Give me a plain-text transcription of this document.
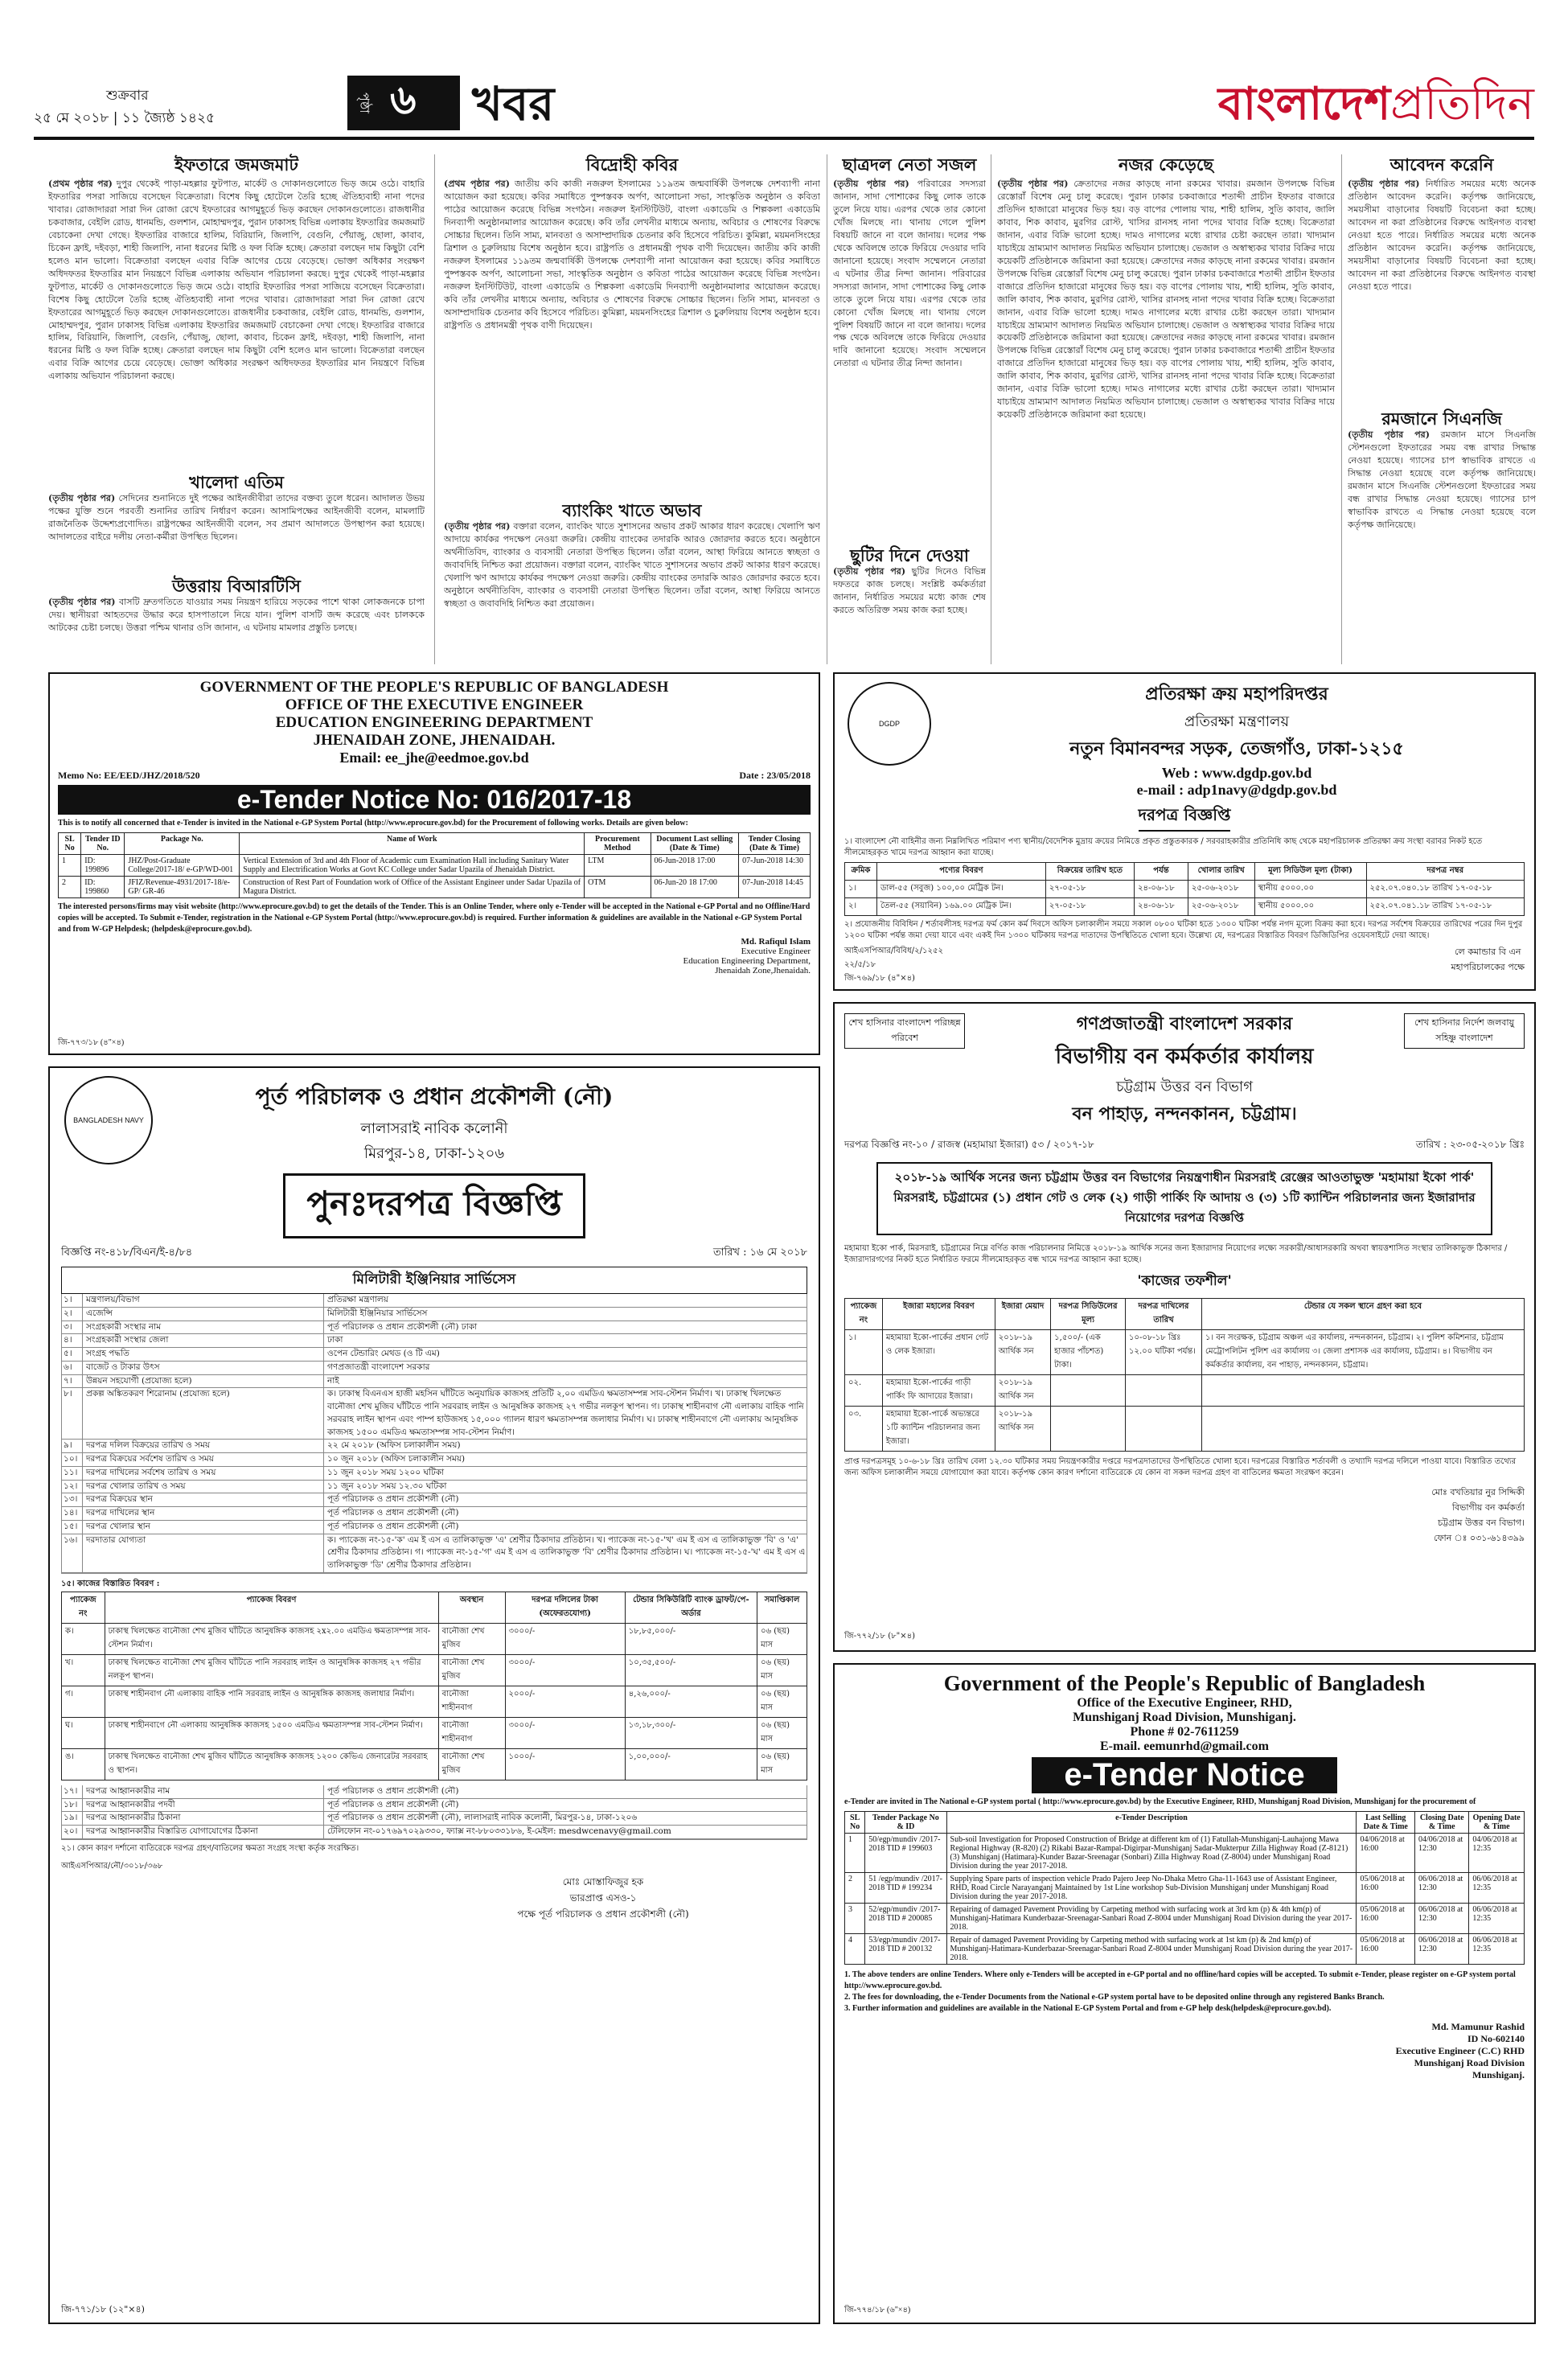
শুক্রবার
২৫ মে ২০১৮ | ১১ জ্যৈষ্ঠ ১৪২৫
পৃষ্ঠা ৬ খবর	বাংলাদেশপ্রতিদিন
ইফতারে জমজমাট
(প্রথম পৃষ্ঠার পর) দুপুর থেকেই পাড়া-মহল্লার ফুটপাত, মার্কেট ও দোকানগুলোতে ভিড় জমে ওঠে। বাহারি ইফতারির পসরা সাজিয়ে বসেছেন বিক্রেতারা। বিশেষ কিছু হোটেলে তৈরি হচ্ছে ঐতিহ্যবাহী নানা পদের খাবার। রোজাদাররা সারা দিন রোজা রেখে ইফতারের আগমুহূর্তে ভিড় করছেন দোকানগুলোতে। রাজধানীর চকবাজার, বেইলি রোড, ধানমন্ডি, গুলশান, মোহাম্মদপুর, পুরান ঢাকাসহ বিভিন্ন এলাকায় ইফতারির জমজমাট বেচাকেনা দেখা গেছে। ইফতারির বাজারে হালিম, বিরিয়ানি, জিলাপি, বেগুনি, পেঁয়াজু, ছোলা, কাবাব, চিকেন ফ্রাই, দইবড়া, শাহী জিলাপি, নানা ধরনের মিষ্টি ও ফল বিক্রি হচ্ছে। ক্রেতারা বলছেন দাম কিছুটা বেশি হলেও মান ভালো। বিক্রেতারা বলছেন এবার বিক্রি আগের চেয়ে বেড়েছে। ভোক্তা অধিকার সংরক্ষণ অধিদফতর ইফতারির মান নিয়ন্ত্রণে বিভিন্ন এলাকায় অভিযান পরিচালনা করছে। দুপুর থেকেই পাড়া-মহল্লার ফুটপাত, মার্কেট ও দোকানগুলোতে ভিড় জমে ওঠে। বাহারি ইফতারির পসরা সাজিয়ে বসেছেন বিক্রেতারা। বিশেষ কিছু হোটেলে তৈরি হচ্ছে ঐতিহ্যবাহী নানা পদের খাবার। রোজাদাররা সারা দিন রোজা রেখে ইফতারের আগমুহূর্তে ভিড় করছেন দোকানগুলোতে। রাজধানীর চকবাজার, বেইলি রোড, ধানমন্ডি, গুলশান, মোহাম্মদপুর, পুরান ঢাকাসহ বিভিন্ন এলাকায় ইফতারির জমজমাট বেচাকেনা দেখা গেছে। ইফতারির বাজারে হালিম, বিরিয়ানি, জিলাপি, বেগুনি, পেঁয়াজু, ছোলা, কাবাব, চিকেন ফ্রাই, দইবড়া, শাহী জিলাপি, নানা ধরনের মিষ্টি ও ফল বিক্রি হচ্ছে। ক্রেতারা বলছেন দাম কিছুটা বেশি হলেও মান ভালো। বিক্রেতারা বলছেন এবার বিক্রি আগের চেয়ে বেড়েছে। ভোক্তা অধিকার সংরক্ষণ অধিদফতর ইফতারির মান নিয়ন্ত্রণে বিভিন্ন এলাকায় অভিযান পরিচালনা করছে।
খালেদা এতিম
(তৃতীয় পৃষ্ঠার পর) সেদিনের শুনানিতে দুই পক্ষের আইনজীবীরা তাদের বক্তব্য তুলে ধরেন। আদালত উভয় পক্ষের যুক্তি শুনে পরবর্তী শুনানির তারিখ নির্ধারণ করেন। আসামিপক্ষের আইনজীবী বলেন, মামলাটি রাজনৈতিক উদ্দেশ্যপ্রণোদিত। রাষ্ট্রপক্ষের আইনজীবী বলেন, সব প্রমাণ আদালতে উপস্থাপন করা হয়েছে। আদালতের বাইরে দলীয় নেতা-কর্মীরা উপস্থিত ছিলেন।
উত্তরায় বিআরটিসি
(তৃতীয় পৃষ্ঠার পর) বাসটি দ্রুতগতিতে যাওয়ার সময় নিয়ন্ত্রণ হারিয়ে সড়কের পাশে থাকা লোকজনকে চাপা দেয়। স্থানীয়রা আহতদের উদ্ধার করে হাসপাতালে নিয়ে যান। পুলিশ বাসটি জব্দ করেছে এবং চালককে আটকের চেষ্টা চলছে। উত্তরা পশ্চিম থানার ওসি জানান, এ ঘটনায় মামলার প্রস্তুতি চলছে।
বিদ্রোহী কবির
(প্রথম পৃষ্ঠার পর) জাতীয় কবি কাজী নজরুল ইসলামের ১১৯তম জন্মবার্ষিকী উপলক্ষে দেশব্যাপী নানা আয়োজন করা হয়েছে। কবির সমাধিতে পুষ্পস্তবক অর্পণ, আলোচনা সভা, সাংস্কৃতিক অনুষ্ঠান ও কবিতা পাঠের আয়োজন করেছে বিভিন্ন সংগঠন। নজরুল ইনস্টিটিউট, বাংলা একাডেমি ও শিল্পকলা একাডেমি দিনব্যাপী অনুষ্ঠানমালার আয়োজন করেছে। কবি তাঁর লেখনীর মাধ্যমে অন্যায়, অবিচার ও শোষণের বিরুদ্ধে সোচ্চার ছিলেন। তিনি সাম্য, মানবতা ও অসাম্প্রদায়িক চেতনার কবি হিসেবে পরিচিত। কুমিল্লা, ময়মনসিংহের ত্রিশাল ও চুরুলিয়ায় বিশেষ অনুষ্ঠান হবে। রাষ্ট্রপতি ও প্রধানমন্ত্রী পৃথক বাণী দিয়েছেন। জাতীয় কবি কাজী নজরুল ইসলামের ১১৯তম জন্মবার্ষিকী উপলক্ষে দেশব্যাপী নানা আয়োজন করা হয়েছে। কবির সমাধিতে পুষ্পস্তবক অর্পণ, আলোচনা সভা, সাংস্কৃতিক অনুষ্ঠান ও কবিতা পাঠের আয়োজন করেছে বিভিন্ন সংগঠন। নজরুল ইনস্টিটিউট, বাংলা একাডেমি ও শিল্পকলা একাডেমি দিনব্যাপী অনুষ্ঠানমালার আয়োজন করেছে। কবি তাঁর লেখনীর মাধ্যমে অন্যায়, অবিচার ও শোষণের বিরুদ্ধে সোচ্চার ছিলেন। তিনি সাম্য, মানবতা ও অসাম্প্রদায়িক চেতনার কবি হিসেবে পরিচিত। কুমিল্লা, ময়মনসিংহের ত্রিশাল ও চুরুলিয়ায় বিশেষ অনুষ্ঠান হবে। রাষ্ট্রপতি ও প্রধানমন্ত্রী পৃথক বাণী দিয়েছেন।
ব্যাংকিং খাতে অভাব
(তৃতীয় পৃষ্ঠার পর) বক্তারা বলেন, ব্যাংকিং খাতে সুশাসনের অভাব প্রকট আকার ধারণ করেছে। খেলাপি ঋণ আদায়ে কার্যকর পদক্ষেপ নেওয়া জরুরি। কেন্দ্রীয় ব্যাংকের তদারকি আরও জোরদার করতে হবে। অনুষ্ঠানে অর্থনীতিবিদ, ব্যাংকার ও ব্যবসায়ী নেতারা উপস্থিত ছিলেন। তাঁরা বলেন, আস্থা ফিরিয়ে আনতে স্বচ্ছতা ও জবাবদিহি নিশ্চিত করা প্রয়োজন। বক্তারা বলেন, ব্যাংকিং খাতে সুশাসনের অভাব প্রকট আকার ধারণ করেছে। খেলাপি ঋণ আদায়ে কার্যকর পদক্ষেপ নেওয়া জরুরি। কেন্দ্রীয় ব্যাংকের তদারকি আরও জোরদার করতে হবে। অনুষ্ঠানে অর্থনীতিবিদ, ব্যাংকার ও ব্যবসায়ী নেতারা উপস্থিত ছিলেন। তাঁরা বলেন, আস্থা ফিরিয়ে আনতে স্বচ্ছতা ও জবাবদিহি নিশ্চিত করা প্রয়োজন।
ছাত্রদল নেতা সজল
(তৃতীয় পৃষ্ঠার পর) পরিবারের সদস্যরা জানান, সাদা পোশাকের কিছু লোক তাকে তুলে নিয়ে যায়। এরপর থেকে তার কোনো খোঁজ মিলছে না। থানায় গেলে পুলিশ বিষয়টি জানে না বলে জানায়। দলের পক্ষ থেকে অবিলম্বে তাকে ফিরিয়ে দেওয়ার দাবি জানানো হয়েছে। সংবাদ সম্মেলনে নেতারা এ ঘটনার তীব্র নিন্দা জানান। পরিবারের সদস্যরা জানান, সাদা পোশাকের কিছু লোক তাকে তুলে নিয়ে যায়। এরপর থেকে তার কোনো খোঁজ মিলছে না। থানায় গেলে পুলিশ বিষয়টি জানে না বলে জানায়। দলের পক্ষ থেকে অবিলম্বে তাকে ফিরিয়ে দেওয়ার দাবি জানানো হয়েছে। সংবাদ সম্মেলনে নেতারা এ ঘটনার তীব্র নিন্দা জানান।
ছুটির দিনে দেওয়া
(তৃতীয় পৃষ্ঠার পর) ছুটির দিনেও বিভিন্ন দফতরে কাজ চলছে। সংশ্লিষ্ট কর্মকর্তারা জানান, নির্ধারিত সময়ের মধ্যে কাজ শেষ করতে অতিরিক্ত সময় কাজ করা হচ্ছে।
নজর কেড়েছে
(তৃতীয় পৃষ্ঠার পর) ক্রেতাদের নজর কাড়ছে নানা রকমের খাবার। রমজান উপলক্ষে বিভিন্ন রেস্তোরাঁ বিশেষ মেনু চালু করেছে। পুরান ঢাকার চকবাজারে শতাব্দী প্রাচীন ইফতার বাজারে প্রতিদিন হাজারো মানুষের ভিড় হয়। বড় বাপের পোলায় খায়, শাহী হালিম, সুতি কাবাব, জালি কাবাব, শিক কাবাব, মুরগির রোস্ট, খাসির রানসহ নানা পদের খাবার বিক্রি হচ্ছে। বিক্রেতারা জানান, এবার বিক্রি ভালো হচ্ছে। দামও নাগালের মধ্যে রাখার চেষ্টা করছেন তারা। খাদ্যমান যাচাইয়ে ভ্রাম্যমাণ আদালত নিয়মিত অভিযান চালাচ্ছে। ভেজাল ও অস্বাস্থ্যকর খাবার বিক্রির দায়ে কয়েকটি প্রতিষ্ঠানকে জরিমানা করা হয়েছে। ক্রেতাদের নজর কাড়ছে নানা রকমের খাবার। রমজান উপলক্ষে বিভিন্ন রেস্তোরাঁ বিশেষ মেনু চালু করেছে। পুরান ঢাকার চকবাজারে শতাব্দী প্রাচীন ইফতার বাজারে প্রতিদিন হাজারো মানুষের ভিড় হয়। বড় বাপের পোলায় খায়, শাহী হালিম, সুতি কাবাব, জালি কাবাব, শিক কাবাব, মুরগির রোস্ট, খাসির রানসহ নানা পদের খাবার বিক্রি হচ্ছে। বিক্রেতারা জানান, এবার বিক্রি ভালো হচ্ছে। দামও নাগালের মধ্যে রাখার চেষ্টা করছেন তারা। খাদ্যমান যাচাইয়ে ভ্রাম্যমাণ আদালত নিয়মিত অভিযান চালাচ্ছে। ভেজাল ও অস্বাস্থ্যকর খাবার বিক্রির দায়ে কয়েকটি প্রতিষ্ঠানকে জরিমানা করা হয়েছে। ক্রেতাদের নজর কাড়ছে নানা রকমের খাবার। রমজান উপলক্ষে বিভিন্ন রেস্তোরাঁ বিশেষ মেনু চালু করেছে। পুরান ঢাকার চকবাজারে শতাব্দী প্রাচীন ইফতার বাজারে প্রতিদিন হাজারো মানুষের ভিড় হয়। বড় বাপের পোলায় খায়, শাহী হালিম, সুতি কাবাব, জালি কাবাব, শিক কাবাব, মুরগির রোস্ট, খাসির রানসহ নানা পদের খাবার বিক্রি হচ্ছে। বিক্রেতারা জানান, এবার বিক্রি ভালো হচ্ছে। দামও নাগালের মধ্যে রাখার চেষ্টা করছেন তারা। খাদ্যমান যাচাইয়ে ভ্রাম্যমাণ আদালত নিয়মিত অভিযান চালাচ্ছে। ভেজাল ও অস্বাস্থ্যকর খাবার বিক্রির দায়ে কয়েকটি প্রতিষ্ঠানকে জরিমানা করা হয়েছে।
আবেদন করেনি
(তৃতীয় পৃষ্ঠার পর) নির্ধারিত সময়ের মধ্যে অনেক প্রতিষ্ঠান আবেদন করেনি। কর্তৃপক্ষ জানিয়েছে, সময়সীমা বাড়ানোর বিষয়টি বিবেচনা করা হচ্ছে। আবেদন না করা প্রতিষ্ঠানের বিরুদ্ধে আইনগত ব্যবস্থা নেওয়া হতে পারে। নির্ধারিত সময়ের মধ্যে অনেক প্রতিষ্ঠান আবেদন করেনি। কর্তৃপক্ষ জানিয়েছে, সময়সীমা বাড়ানোর বিষয়টি বিবেচনা করা হচ্ছে। আবেদন না করা প্রতিষ্ঠানের বিরুদ্ধে আইনগত ব্যবস্থা নেওয়া হতে পারে।
রমজানে সিএনজি
(তৃতীয় পৃষ্ঠার পর) রমজান মাসে সিএনজি স্টেশনগুলো ইফতারের সময় বন্ধ রাখার সিদ্ধান্ত নেওয়া হয়েছে। গ্যাসের চাপ স্বাভাবিক রাখতে এ সিদ্ধান্ত নেওয়া হয়েছে বলে কর্তৃপক্ষ জানিয়েছে। রমজান মাসে সিএনজি স্টেশনগুলো ইফতারের সময় বন্ধ রাখার সিদ্ধান্ত নেওয়া হয়েছে। গ্যাসের চাপ স্বাভাবিক রাখতে এ সিদ্ধান্ত নেওয়া হয়েছে বলে কর্তৃপক্ষ জানিয়েছে।
GOVERNMENT OF THE PEOPLE'S REPUBLIC OF BANGLADESH
OFFICE OF THE EXECUTIVE ENGINEER
EDUCATION ENGINEERING DEPARTMENT
JHENAIDAH ZONE, JHENAIDAH.
Email: ee_jhe@eedmoe.gov.bd
Memo No: EE/EED/JHZ/2018/520	Date : 23/05/2018
e-Tender Notice No: 016/2017-18
This is to notify all concerned that e-Tender is invited in the National e-GP System Portal (http://www.eprocure.gov.bd) for the Procurement of following works. Details are given below:
SL No	Tender ID No.	Package No.	Name of Work	Procurement Method	Document Last selling (Date & Time)	Tender Closing (Date & Time)
1	ID: 199896	JHZ/Post-Graduate College/2017-18/ e-GP/WD-001	Vertical Extension of 3rd and 4th Floor of Academic cum Examination Hall including Sanitary Water Supply and Electrification Works at Govt KC College under Sadar Upazila of Jhenaidah District.	LTM	06-Jun-2018 17:00	07-Jun-2018 14:30
2	ID: 199860	JFIZ/Revenue-4931/2017-18/e-GP/ GR-46	Construction of Rest Part of Foundation work of Office of the Assistant Engineer under Sadar Upazila of Magura District.	OTM	06-Jun-20 18 17:00	07-Jun-2018 14:45
The interested persons/firms may visit website (http://www.eprocure.gov.bd) to get the details of the Tender. This is an Online Tender, where only e-Tender will be accepted in the National e-GP Portal and no Offline/Hard copies will be accepted. To Submit e-Tender, registration in the National e-GP System Portal (http://www.eprocure.gov.bd) is required. Further information & guidelines are available in the National e-GP System Portal and from W-GP Helpdesk; (helpdesk@eprocure.gov.bd).
Md. Rafiqul Islam
Executive Engineer
Education Engineering Department,
Jhenaidah Zone,Jhenaidah.
জি-৭৭৩/১৮ (৪"×৪)
BANGLADESH NAVY
পূর্ত পরিচালক ও প্রধান প্রকৌশলী (নৌ)
লালাসরাই নাবিক কলোনী
মিরপুর-১৪, ঢাকা-১২০৬
পুনঃদরপত্র বিজ্ঞপ্তি
বিজ্ঞপ্তি নং-৪১৮/বিএন/ই-৪/৮৪	তারিখ : ১৬ মে ২০১৮
মিলিটারী ইঞ্জিনিয়ার সার্ভিসেস
১।	মন্ত্রণালয়/বিভাগ	প্রতিরক্ষা মন্ত্রণালয়
২।	এজেন্সি	মিলিটারী ইঞ্জিনিয়ার সার্ভিসেস
৩।	সংগ্রহকারী সংস্থার নাম	পূর্ত পরিচালক ও প্রধান প্রকৌশলী (নৌ) ঢাকা
৪।	সংগ্রহকারী সংস্থার জেলা	ঢাকা
৫।	সংগ্রহ পদ্ধতি	ওপেন টেন্ডারিং মেথড (ও টি এম)
৬।	বাজেট ও টাকার উৎস	গণপ্রজাতন্ত্রী বাংলাদেশ সরকার
৭।	উন্নয়ন সহযোগী (প্রযোজ্য হলে)	নাই
৮।	প্রকল্প অঙ্কিতকরণ শিরোনাম (প্রযোজ্য হলে)	ক। ঢাকাস্থ বিএনএস হাজী মহসিন ঘাঁটিতে অনুযায়িক কাজসহ প্রতিটি ২,০০ এমডিএ ক্ষমতাসম্পন্ন সাব-স্টেশন নির্মাণ। খ। ঢাকাস্থ খিলক্ষেত বানৌজা শেখ মুজিব ঘাঁটিতে পানি সরবরাহ লাইন ও আনুষঙ্গিক কাজসহ ২৭ গভীর নলকূপ স্থাপন। গ। ঢাকাস্থ শাহীনবাগ নৌ এলাকায় বাহিক পানি সরবরাহ লাইন স্থাপন এবং পাম্প হাউজসহ ১৫,০০০ গ্যালন ধারণ ক্ষমতাসম্পন্ন জলাধার নির্মাণ। ঘ। ঢাকাস্থ শাহীনবাগে নৌ এলাকায় আনুষঙ্গিক কাজসহ ১৫০০ এমডিএ ক্ষমতাসম্পন্ন সাব-স্টেশন নির্মাণ।
৯।	দরপত্র দলিল বিক্রয়ের তারিখ ও সময়	২২ মে ২০১৮ (অফিস চলাকালীন সময়)
১০।	দরপত্র বিক্রয়ের সর্বশেষ তারিখ ও সময়	১০ জুন ২০১৮ (অফিস চলাকালীন সময়)
১১।	দরপত্র দাখিলের সর্বশেষ তারিখ ও সময়	১১ জুন ২০১৮ সময় ১২০০ ঘটিকা
১২।	দরপত্র খোলার তারিখ ও সময়	১১ জুন ২০১৮ সময় ১২.৩০ ঘটিকা
১৩।	দরপত্র বিক্রয়ের স্থান	পূর্ত পরিচালক ও প্রধান প্রকৌশলী (নৌ)
১৪।	দরপত্র দাখিলের স্থান	পূর্ত পরিচালক ও প্রধান প্রকৌশলী (নৌ)
১৫।	দরপত্র খোলার স্থান	পূর্ত পরিচালক ও প্রধান প্রকৌশলী (নৌ)
১৬।	দরদাতার যোগ্যতা	ক। প্যাকেজ নং-১৫-'ক' এম ই এস এ তালিকাভুক্ত 'এ' শ্রেণীর ঠিকাদার প্রতিষ্ঠান। খ। প্যাকেজ নং-১৫-'খ' এম ই এস এ তালিকাভুক্ত 'বি' ও 'এ' শ্রেণীর ঠিকাদার প্রতিষ্ঠান। গ। প্যাকেজ নং-১৫-'গ' এম ই এস এ তালিকাভুক্ত 'বি' শ্রেণীর ঠিকাদার প্রতিষ্ঠান। ঘ। প্যাকেজ নং-১৫-'ঘ' এম ই এস এ তালিকাভুক্ত 'ডি' শ্রেণীর ঠিকাদার প্রতিষ্ঠান।
১৫। কাজের বিস্তারিত বিবরণ :
প্যাকেজ নং	প্যাকেজ বিবরণ	অবস্থান	দরপত্র দলিলের টাকা (অফেরতযোগ্য)	টেন্ডার সিকিউরিটি ব্যাংক ড্রাফট/পে-অর্ডার	সমাপ্তিকাল
ক।	ঢাকাস্থ খিলক্ষেত বানৌজা শেখ মুজিব ঘাঁটিতে আনুষঙ্গিক কাজসহ ২x২.০০ এমডিএ ক্ষমতাসম্পন্ন সাব-স্টেশন নির্মাণ।	বানৌজা শেখ মুজিব	৩০০০/-	১৮,৮৫,০০০/-	০৬ (ছয়) মাস
খ।	ঢাকাস্থ খিলক্ষেত বানৌজা শেখ মুজিব ঘাঁটিতে পানি সরবরাহ লাইন ও আনুষঙ্গিক কাজসহ ২৭ গভীর নলকূপ স্থাপন।	বানৌজা শেখ মুজিব	৩০০০/-	১০,৩৫,৫০০/-	০৬ (ছয়) মাস
গ।	ঢাকাস্থ শাহীনবাগ নৌ এলাকায় বাহিক পানি সরবরাহ লাইন ও আনুষঙ্গিক কাজসহ জলাধার নির্মাণ।	বানৌজা শাহীনবাগ	২০০০/-	৪,২৬,০০০/-	০৬ (ছয়) মাস
ঘ।	ঢাকাস্থ শাহীনবাগে নৌ এলাকায় আনুষঙ্গিক কাজসহ ১৫০০ এমডিএ ক্ষমতাসম্পন্ন সাব-স্টেশন নির্মাণ।	বানৌজা শাহীনবাগ	৩০০০/-	১৩,১৮,৩০০/-	০৬ (ছয়) মাস
ঙ।	ঢাকাস্থ খিলক্ষেত বানৌজা শেখ মুজিব ঘাঁটিতে আনুষঙ্গিক কাজসহ ১২০০ কেভিএ জেনারেটর সরবরাহ ও স্থাপন।	বানৌজা শেখ মুজিব	১০০০/-	১,০০,০০০/-	০৬ (ছয়) মাস
১৭।	দরপত্র আহ্বানকারীর নাম	পূর্ত পরিচালক ও প্রধান প্রকৌশলী (নৌ)
১৮।	দরপত্র আহ্বানকারীর পদবী	পূর্ত পরিচালক ও প্রধান প্রকৌশলী (নৌ)
১৯।	দরপত্র আহ্বানকারীর ঠিকানা	পূর্ত পরিচালক ও প্রধান প্রকৌশলী (নৌ), লালাসরাই নাবিক কলোনী, মিরপুর-১৪, ঢাকা-১২০৬
২০।	দরপত্র আহ্বানকারীর বিস্তারিত যোগাযোগের ঠিকানা	টেলিফোন নং-০১৭৬৯৭০২৯৩৩০, ফ্যাক্স নং-৮৮০৩৩১৮৬, ই-মেইল: mesdwcenavy@gmail.com
২১। কোন কারণ দর্শানো ব্যতিরেকে দরপত্র গ্রহণ/বাতিলের ক্ষমতা সংগ্রহ সংস্থা কর্তৃক সংরক্ষিত।
আইএসপিআর/নৌ/৩০১৮/৩৬৮
মোঃ মোস্তাফিজুর হক
ভারপ্রাপ্ত এসও-১
পক্ষে পূর্ত পরিচালক ও প্রধান প্রকৌশলী (নৌ)
জি-৭৭১/১৮ (১২"×৪)
DGDP
প্রতিরক্ষা ক্রয় মহাপরিদপ্তর
প্রতিরক্ষা মন্ত্রণালয়
নতুন বিমানবন্দর সড়ক, তেজগাঁও, ঢাকা-১২১৫
Web : www.dgdp.gov.bd
e-mail : adp1navy@dgdp.gov.bd
দরপত্র বিজ্ঞপ্তি
১। বাংলাদেশ নৌ বাহিনীর জন্য নিম্নলিখিত পরিমাণ পণ্য স্থানীয়/বৈদেশিক মুদ্রায় ক্রয়ের নিমিত্তে প্রকৃত প্রস্তুতকারক / সরবরাহকারীর প্রতিনিধি কাছ থেকে মহাপরিচালক প্রতিরক্ষা ক্রয় সংস্থা বরাবর নিকট হতে সীলমোহরকৃত খামে দরপত্র আহ্বান করা যাচ্ছে।
ক্রমিক	পণ্যের বিবরণ	বিক্রয়ের তারিখ হতে	পর্যন্ত	খোলার তারিখ	মূল্য সিডিউল মূল্য (টাকা)	দরপত্র নম্বর
১।	ডাল-৫৫ (সবুজ) ১০০,০০ মেট্রিক টন।	২৭-০৫-১৮	২৪-০৬-১৮	২৫-০৬-২০১৮	স্থানীয় ৫০০০.০০	২৫২.০৭.০৪০.১৮ তারিখ ১৭-০৫-১৮
২।	তৈল-৫৫ (সয়াবিন) ১৬৯.০০ মেট্রিক টন।	২৭-০৫-১৮	২৪-০৬-১৮	২৫-০৬-২০১৮	স্থানীয় ৫০০০.০০	২৫২.০৭.০৪১.১৮ তারিখ ১৭-০৫-১৮
২। প্রযোজনীয় বিবিধিন / শর্তাবলীসহ দরপত্র ফর্ম কোন কর্ম দিবসে অফিস চলাকালীন সময়ে সকাল ০৮০০ ঘটিকা হতে ১৩০০ ঘটিকা পর্যন্ত নগদ মূল্যে বিক্রয় করা হবে। দরপত্র সর্বশেষ বিক্রয়ের তারিখের পরের দিন দুপুর ১২০০ ঘটিকা পর্যন্ত জমা দেয়া যাবে এবং একই দিন ১৩০০ ঘটিকায় দরপত্র দাতাদের উপস্থিতিতে খোলা হবে। উল্লেখ্য যে, দরপত্রের বিস্তারিত বিবরণ ডিজিডিপির ওয়েবসাইটে দেয়া আছে।
আইএসপিআর/বিবিধ/২/১২৫২
২২/৫/১৮
জি-৭৬৯/১৮ (৪"×৪)
লে কমান্ডার বি এন
মহাপরিচালকের পক্ষে
শেখ হাসিনার বাংলাদেশ পরিচ্ছন্ন পরিবেশ
শেখ হাসিনার নির্দেশ জলবায়ু সহিষ্ণু বাংলাদেশ
গণপ্রজাতন্ত্রী বাংলাদেশ সরকার
বিভাগীয় বন কর্মকর্তার কার্যালয়
চট্টগ্রাম উত্তর বন বিভাগ
বন পাহাড়, নন্দনকানন, চট্টগ্রাম।
দরপত্র বিজ্ঞপ্তি নং-১০ / রাজস্ব (মহামায়া ইজারা) ৫৩ / ২০১৭-১৮	তারিখ : ২৩-০৫-২০১৮ খ্রিঃ
২০১৮-১৯ আর্থিক সনের জন্য চট্টগ্রাম উত্তর বন বিভাগের নিয়ন্ত্রণাধীন মিরসরাই রেঞ্জের আওতাভুক্ত 'মহামায়া ইকো পার্ক' মিরসরাই, চট্টগ্রামের (১) প্রধান গেট ও লেক (২) গাড়ী পার্কিং ফি আদায় ও (৩) ১টি ক্যান্টিন পরিচালনার জন্য ইজারাদার নিয়োগের দরপত্র বিজ্ঞপ্তি
মহামায়া ইকো পার্ক, মিরসরাই, চট্টগ্রামের নিম্নে বর্ণিত কাজ পরিচালনার নিমিত্তে ২০১৮-১৯ আর্থিক সনের জন্য ইজারাদার নিয়োগের লক্ষ্যে সরকারী/আধাসরকারি অথবা স্বায়ত্তশাসিত সংস্থার তালিকাভুক্ত ঠিকাদার / ইজারাদারগণের নিকট হতে নির্ধারিত ফরমে সীলমোহরকৃত বন্ধ খামে দরপত্র আহ্বান করা হচ্ছে।
'কাজের তফশীল'
প্যাকেজ নং	ইজারা মহালের বিবরণ	ইজারা মেয়াদ	দরপত্র সিডিউলের মূল্য	দরপত্র দাখিলের তারিখ	টেন্ডার যে সকল স্থানে গ্রহণ করা হবে
১।	মহামায়া ইকো-পার্কের প্রধান গেট ও লেক ইজারা।	২০১৮-১৯ আর্থিক সন	১,৫০০/- (এক হাজার পাঁচশত) টাকা।	১০-০৮-১৮ খ্রিঃ ১২.০০ ঘটিকা পর্যন্ত।	১। বন সংরক্ষক, চট্টগ্রাম অঞ্চল এর কার্যালয়, নন্দনকানন, চট্টগ্রাম। ২। পুলিশ কমিশনার, চট্টগ্রাম মেট্রোপলিটন পুলিশ এর কার্যালয় ৩। জেলা প্রশাসক এর কার্যালয়, চট্টগ্রাম। ৪। বিভাগীয় বন কর্মকর্তার কার্যালয়, বন পাহাড়, নন্দনকানন, চট্টগ্রাম।
০২.	মহামায়া ইকো-পার্কের গাড়ী পার্কিং ফি আদায়ের ইজারা।	২০১৮-১৯ আর্থিক সন			
০৩.	মহামায়া ইকো-পার্কে অভ্যন্তরে ১টি ক্যান্টিন পরিচালনার জন্য ইজারা।	২০১৮-১৯ আর্থিক সন			
প্রাপ্ত দরপত্রসমূহ ১০-৬-১৮ খ্রিঃ তারিখ বেলা ১২.৩০ ঘটিকার সময় নিয়ন্ত্রণকারীর দপ্তরে দরপত্রদাতাদের উপস্থিতিতে খোলা হবে। দরপত্রের বিস্তারিত শর্তাবলী ও তথ্যাদি দরপত্র দলিলে পাওয়া যাবে। বিস্তারিত তথ্যের জন্য অফিস চলাকালীন সময়ে যোগাযোগ করা যাবে। কর্তৃপক্ষ কোন কারণ দর্শানো ব্যতিরেকে যে কোন বা সকল দরপত্র গ্রহণ বা বাতিলের ক্ষমতা সংরক্ষণ করেন।
মোঃ বখতিয়ার নুর সিদ্দিকী
বিভাগীয় বন কর্মকর্তা
চট্টগ্রাম উত্তর বন বিভাগ।
ফোন ঃ ০৩১-৬১৪৩৯৯
জি-৭৭২/১৮ (৮"×৪)
Government of the People's Republic of Bangladesh
Office of the Executive Engineer, RHD,
Munshiganj Road Division, Munshiganj.
Phone # 02-7611259
E-mail. eemunrhd@gmail.com
e-Tender Notice
e-Tender are invited in The National e-GP system portal ( http://www.eprocure.gov.bd) by the Executive Engineer, RHD, Munshiganj Road Division, Munshiganj for the procurement of
SL No	Tender Package No & ID	e-Tender Description	Last Selling Date & Time	Closing Date & Time	Opening Date & Time
1	50/egp/mundiv /2017-2018 TID # 199603	Sub-soil Investigation for Proposed Construction of Bridge at different km of (1) Fatullah-Munshiganj-Lauhajong Mawa Regional Highway (R-820) (2) Rikabi Bazar-Rampal-Digirpar-Munshiganj Sadar-Mukterpur Zilla Highway Road (Z-8121) (3) Munshiganj (Hatimara)-Kunder Bazar-Sreenagar (Sonbari) Zilla Highway Road (Z-8004) under Munshiganj Road Division during the year 2017-2018.	04/06/2018 at 16:00	04/06/2018 at 12:30	04/06/2018 at 12:35
2	51 /egp/mundiv /2017-2018 TID # 199234	Supplying Spare parts of inspection vehicle Prado Pajero Jeep No-Dhaka Metro Gha-11-1643 use of Assistant Engineer, RHD, Road Circle Narayanganj Maintained by 1st Line workshop Sub-Division Munshiganj under Munshiganj Road Division during the year 2017-2018.	05/06/2018 at 16:00	06/06/2018 at 12:30	06/06/2018 at 12:35
3	52/egp/mundiv /2017-2018 TID # 200085	Repairing of damaged Pavement Providing by Carpeting method with surfacing work at 3rd km (p) & 4th km(p) of Munshiganj-Hatimara Kunderbazar-Sreenagar-Sanbari Road Z-8004 under Munshiganj Road Division during the year 2017-2018.	05/06/2018 at 16:00	06/06/2018 at 12:30	06/06/2018 at 12:35
4	53/egp/mundiv /2017-2018 TID # 200132	Repair of damaged Pavement Providing by Carpeting method with surfacing work at 1st km (p) & 2nd km(p) of Munshiganj-Hatimara-Kunderbazar-Sreenagar-Sanbari Road Z-8004 under Munshiganj Road Division during the year 2017-2018.	05/06/2018 at 16:00	06/06/2018 at 12:30	06/06/2018 at 12:35
1. The above tenders are online Tenders. Where only e-Tenders will be accepted in e-GP portal and no offline/hard copies will be accepted. To submit e-Tender, please register on e-GP system portal http://www.eprocure.gov.bd.
2. The fees for downloading, the e-Tender Documents from the National e-GP system portal have to be deposited online through any registered Banks Branch.
3. Further information and guidelines are available in the National E-GP System Portal and from e-GP help desk(helpdesk@eprocure.gov.bd).
Md. Mamunur Rashid
ID No-602140
Executive Engineer (C.C) RHD
Munshiganj Road Division
Munshiganj.
জি-৭৭৪/১৮ (৬"×৪)
